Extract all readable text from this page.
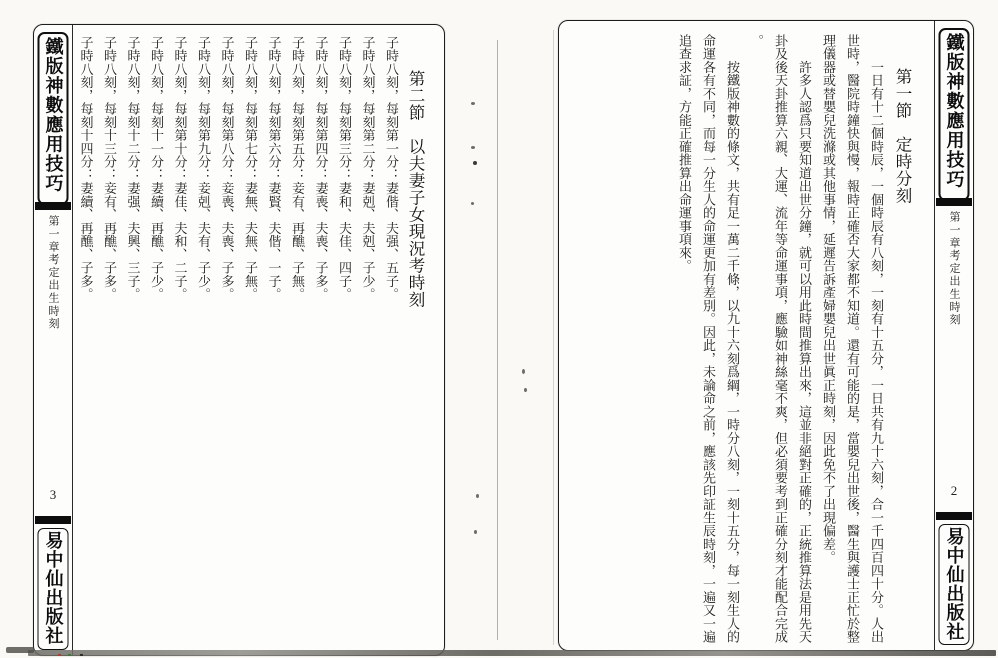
鐵版神數應用技巧
第一章考定出生時刻
3
易中仙出版社
　　第二節　以夫妻子女現況考時刻
子時八刻，每刻第一分：妻偕、夫强、五子。
子時八刻，每刻第二分：妻剋、夫剋、子少。
子時八刻，每刻第三分：妻和、夫佳、四子。
子時八刻，每刻第四分：妻喪、夫喪、子多。
子時八刻，每刻第五分：妾有、再醮、子無。
子時八刻，每刻第六分：妻賢、夫偕、一子。
子時八刻，每刻第七分：妻無、夫無、子無。
子時八刻，每刻第八分：妾喪、夫喪、子多。
子時八刻，每刻第九分：妾剋、夫有、子少。
子時八刻，每刻第十分：妻佳、夫和、二子。
子時八刻，每刻十一分：妻續、再醮、子少。
子時八刻，每刻十二分：妻强、夫興、三子。
子時八刻，每刻十三分：妾有、再醮、子多。
子時八刻，每刻十四分：妻續、再醮、子多。	鐵版神數應用技巧
第一章考定出生時刻
2
易中仙出版社
　　第一節　定時分刻
　　一日有十二個時辰，一個時辰有八刻，一刻有十五分，一日共有九十六刻，合一千四百四十分。人出
世時，醫院時鐘快與慢，報時正確否大家都不知道。還有可能的是，當嬰兒出世後，醫生與護士正忙於整
理儀器或替嬰兒洗滌或其他事情，延遲告訴產婦嬰兒出世眞正時刻，因此免不了出現偏差。
　　許多人認爲只要知道出世分鐘，就可以用此時間推算出來，這並非絕對正確的，正統推算法是用先天
卦及後天卦推算六親、大運、流年等命運事項，應驗如神絲毫不爽，但必須要考到正確分刻才能配合完成
。
　　按鐵版神數的條文，共有足一萬二千條，以九十六刻爲綱，一時分八刻，一刻十五分，每一刻生人的
命運各有不同，而每一分生人的命運更加有差別。因此，未論命之前，應該先印証生辰時刻，一遍又一遍
追查求証，方能正確推算出命運事項來。
